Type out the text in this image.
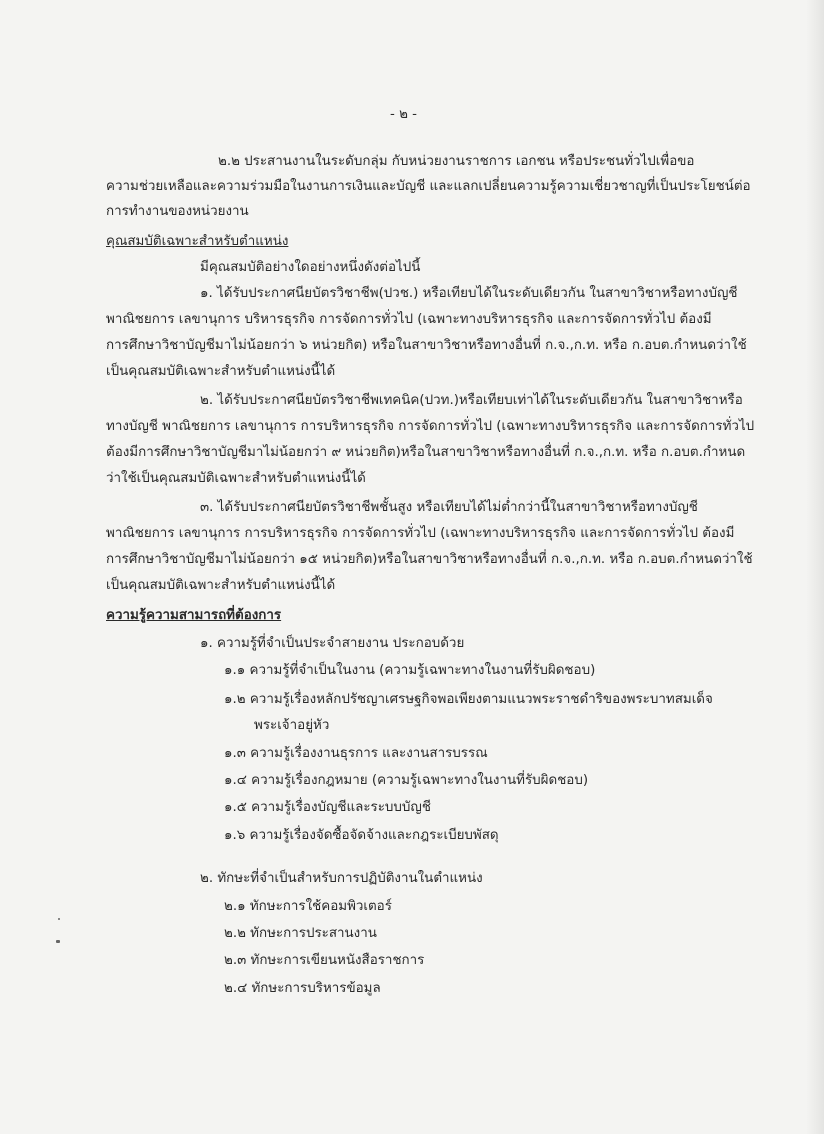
- ๒ -
๒.๒ ประสานงานในระดับกลุ่ม กับหน่วยงานราชการ เอกชน หรือประชนทั่วไปเพื่อขอ
ความช่วยเหลือและความร่วมมือในงานการเงินและบัญชี และแลกเปลี่ยนความรู้ความเชี่ยวชาญที่เป็นประโยชน์ต่อ
การทำงานของหน่วยงาน
คุณสมบัติเฉพาะสำหรับตำแหน่ง
มีคุณสมบัติอย่างใดอย่างหนึ่งดังต่อไปนี้
๑. ได้รับประกาศนียบัตรวิชาชีพ(ปวช.) หรือเทียบได้ในระดับเดียวกัน ในสาขาวิชาหรือทางบัญชี
พาณิชยการ เลขานุการ บริหารธุรกิจ การจัดการทั่วไป (เฉพาะทางบริหารธุรกิจ และการจัดการทั่วไป ต้องมี
การศึกษาวิชาบัญชีมาไม่น้อยกว่า ๖ หน่วยกิต) หรือในสาขาวิชาหรือทางอื่นที่ ก.จ.,ก.ท. หรือ ก.อบต.กำหนดว่าใช้
เป็นคุณสมบัติเฉพาะสำหรับตำแหน่งนี้ได้
๒. ได้รับประกาศนียบัตรวิชาชีพเทคนิค(ปวท.)หรือเทียบเท่าได้ในระดับเดียวกัน ในสาขาวิชาหรือ
ทางบัญชี พาณิชยการ เลขานุการ การบริหารธุรกิจ การจัดการทั่วไป (เฉพาะทางบริหารธุรกิจ และการจัดการทั่วไป
ต้องมีการศึกษาวิชาบัญชีมาไม่น้อยกว่า ๙ หน่วยกิต)หรือในสาขาวิชาหรือทางอื่นที่ ก.จ.,ก.ท. หรือ ก.อบต.กำหนด
ว่าใช้เป็นคุณสมบัติเฉพาะสำหรับตำแหน่งนี้ได้
๓. ได้รับประกาศนียบัตรวิชาชีพชั้นสูง หรือเทียบได้ไม่ต่ำกว่านี้ในสาขาวิชาหรือทางบัญชี
พาณิชยการ เลขานุการ การบริหารธุรกิจ การจัดการทั่วไป (เฉพาะทางบริหารธุรกิจ และการจัดการทั่วไป ต้องมี
การศึกษาวิชาบัญชีมาไม่น้อยกว่า ๑๕ หน่วยกิต)หรือในสาขาวิชาหรือทางอื่นที่ ก.จ.,ก.ท. หรือ ก.อบต.กำหนดว่าใช้
เป็นคุณสมบัติเฉพาะสำหรับตำแหน่งนี้ได้
ความรู้ความสามารถที่ต้องการ
๑. ความรู้ที่จำเป็นประจำสายงาน ประกอบด้วย
๑.๑ ความรู้ที่จำเป็นในงาน (ความรู้เฉพาะทางในงานที่รับผิดชอบ)
๑.๒ ความรู้เรื่องหลักปรัชญาเศรษฐกิจพอเพียงตามแนวพระราชดำริของพระบาทสมเด็จ
พระเจ้าอยู่หัว
๑.๓ ความรู้เรื่องงานธุรการ และงานสารบรรณ
๑.๔ ความรู้เรื่องกฎหมาย (ความรู้เฉพาะทางในงานที่รับผิดชอบ)
๑.๕ ความรู้เรื่องบัญชีและระบบบัญชี
๑.๖ ความรู้เรื่องจัดซื้อจัดจ้างและกฎระเบียบพัสดุ
๒. ทักษะที่จำเป็นสำหรับการปฏิบัติงานในตำแหน่ง
๒.๑ ทักษะการใช้คอมพิวเตอร์
๒.๒ ทักษะการประสานงาน
๒.๓ ทักษะการเขียนหนังสือราชการ
๒.๔ ทักษะการบริหารข้อมูล
